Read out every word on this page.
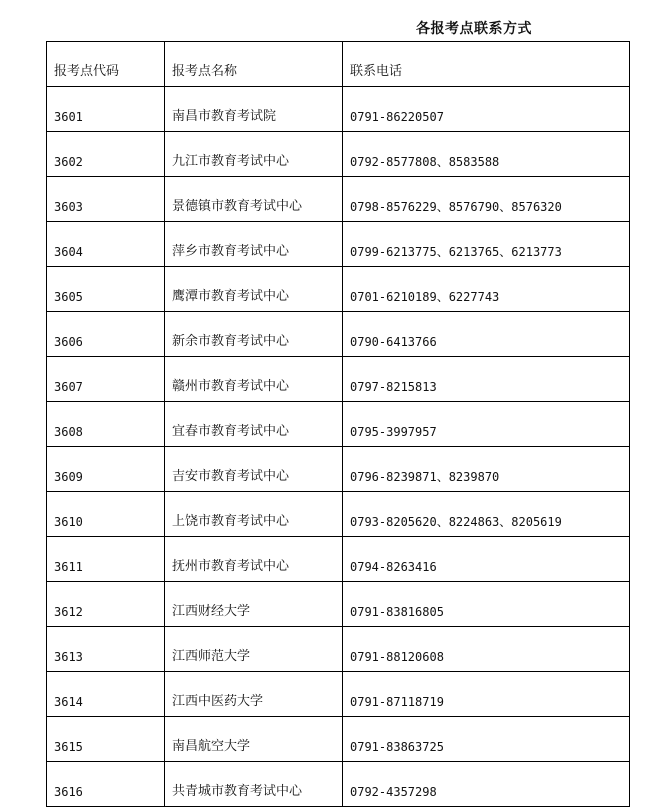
各报考点联系方式
报考点代码	报考点名称	联系电话
3601	南昌市教育考试院	0791-86220507
3602	九江市教育考试中心	0792-8577808、8583588
3603	景德镇市教育考试中心	0798-8576229、8576790、8576320
3604	萍乡市教育考试中心	0799-6213775、6213765、6213773
3605	鹰潭市教育考试中心	0701-6210189、6227743
3606	新余市教育考试中心	0790-6413766
3607	赣州市教育考试中心	0797-8215813
3608	宜春市教育考试中心	0795-3997957
3609	吉安市教育考试中心	0796-8239871、8239870
3610	上饶市教育考试中心	0793-8205620、8224863、8205619
3611	抚州市教育考试中心	0794-8263416
3612	江西财经大学	0791-83816805
3613	江西师范大学	0791-88120608
3614	江西中医药大学	0791-87118719
3615	南昌航空大学	0791-83863725
3616	共青城市教育考试中心	0792-4357298
